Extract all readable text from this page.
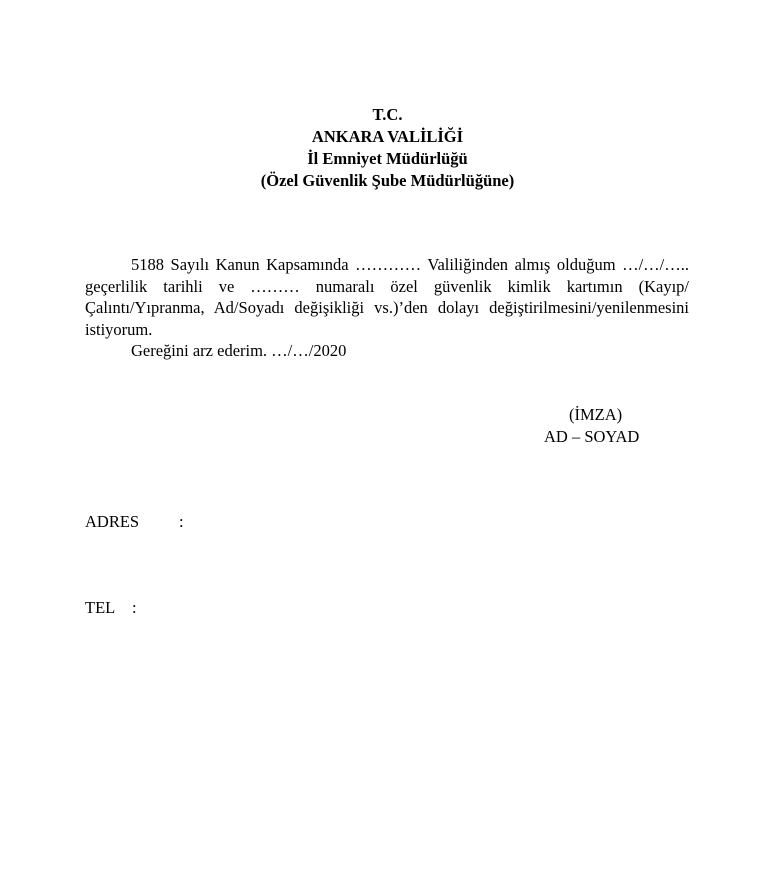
T.C.
ANKARA VALİLİĞİ
İl Emniyet Müdürlüğü
(Özel Güvenlik Şube Müdürlüğüne)

5188 Sayılı Kanun Kapsamında ………… Valiliğinden almış olduğum …/…/….. geçerlilik tarihli ve ……… numaralı özel güvenlik kimlik kartımın (Kayıp/Çalıntı/Yıpranma, Ad/Soyadı değişikliği vs.)’den dolayı değiştirilmesini/yenilenmesini istiyorum.

Gereğini arz ederim. …/…/2020

(İMZA)
AD – SOYAD
ADRES :
TEL :
